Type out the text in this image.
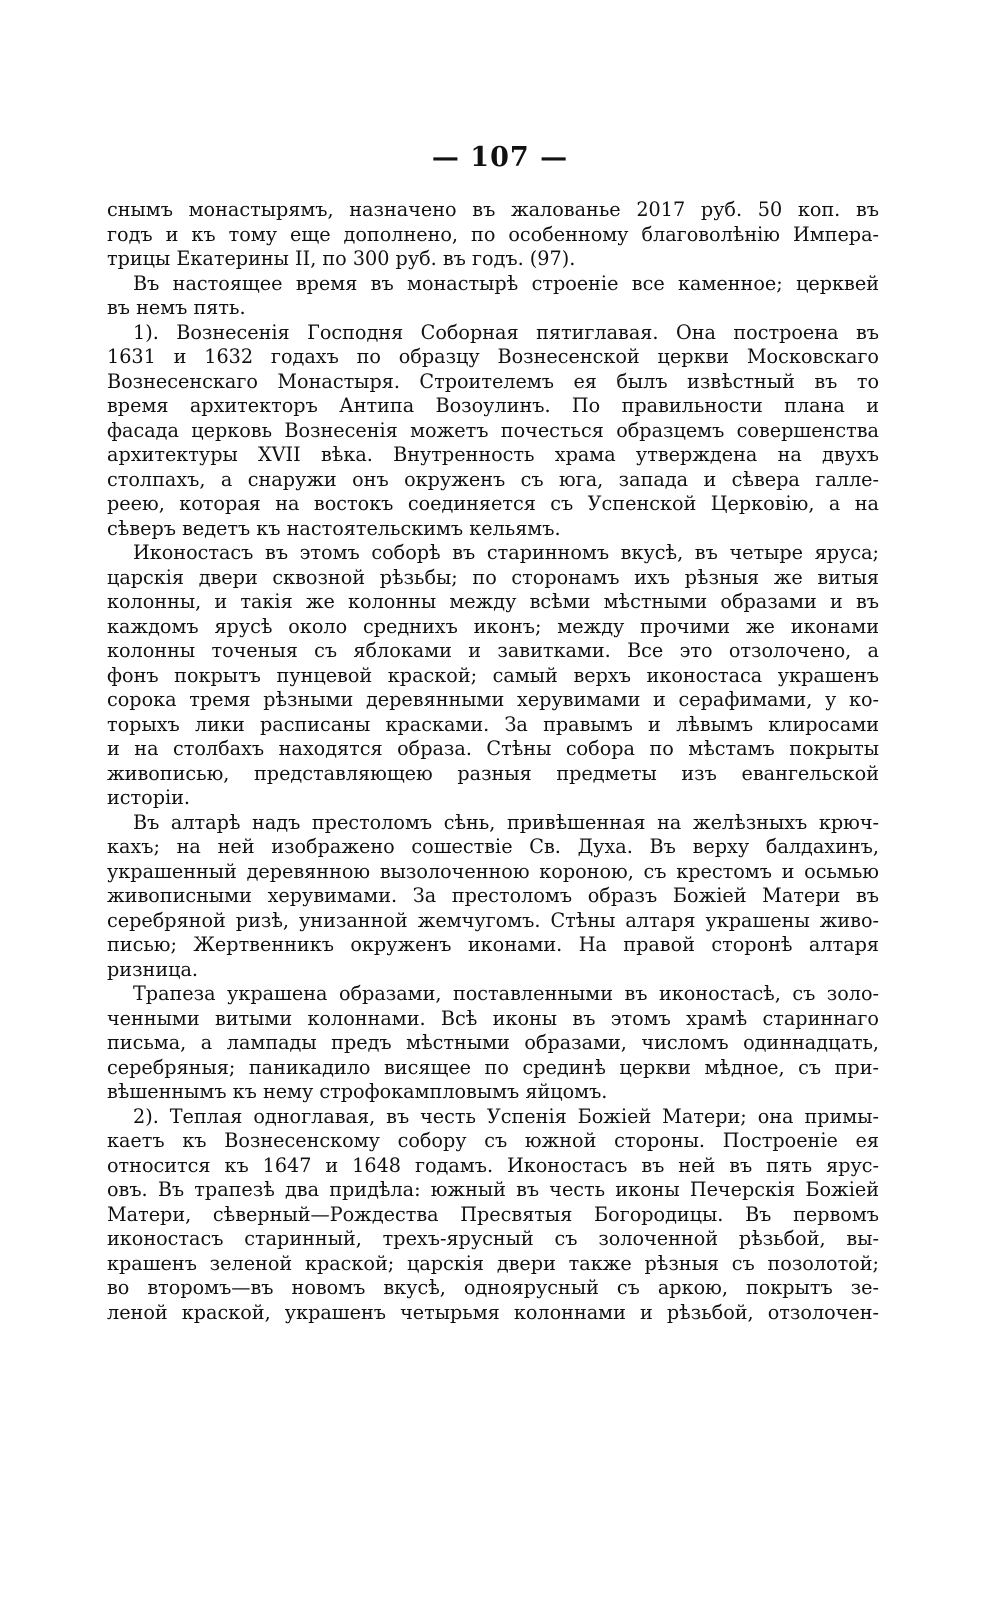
— 107 —
снымъ монастырямъ, назначено въ жалованье 2017 руб. 50 коп. въ
годъ и къ тому еще дополнено, по особенному благоволѣнію Импера-
трицы Екатерины II, по 300 руб. въ годъ. (97).
Въ настоящее время въ монастырѣ строеніе все каменное; церквей
въ немъ пять.
1). Вознесенія Господня Соборная пятиглавая. Она построена въ
1631 и 1632 годахъ по образцу Вознесенской церкви Московскаго
Вознесенскаго Монастыря. Строителемъ ея былъ извѣстный въ то
время архитекторъ Антипа Возоулинъ. По правильности плана и
фасада церковь Вознесенія можетъ почесться образцемъ совершенства
архитектуры XVII вѣка. Внутренность храма утверждена на двухъ
столпахъ, а снаружи онъ окруженъ съ юга, запада и сѣвера галле-
реею, которая на востокъ соединяется съ Успенской Церковію, а на
сѣверъ ведетъ къ настоятельскимъ кельямъ.
Иконостасъ въ этомъ соборѣ въ старинномъ вкусѣ, въ четыре яруса;
царскія двери сквозной рѣзьбы; по сторонамъ ихъ рѣзныя же витыя
колонны, и такія же колонны между всѣми мѣстными образами и въ
каждомъ ярусѣ около среднихъ иконъ; между прочими же иконами
колонны точеныя съ яблоками и завитками. Все это отзолочено, а
фонъ покрытъ пунцевой краской; самый верхъ иконостаса украшенъ
сорока тремя рѣзными деревянными херувимами и серафимами, у ко-
торыхъ лики расписаны красками. За правымъ и лѣвымъ клиросами
и на столбахъ находятся образа. Стѣны собора по мѣстамъ покрыты
живописью, представляющею разныя предметы изъ евангельской
исторіи.
Въ алтарѣ надъ престоломъ сѣнь, привѣшенная на желѣзныхъ крюч-
кахъ; на ней изображено сошествіе Св. Духа. Въ верху балдахинъ,
украшенный деревянною вызолоченною короною, съ крестомъ и осьмью
живописными херувимами. За престоломъ образъ Божіей Матери въ
серебряной ризѣ, унизанной жемчугомъ. Стѣны алтаря украшены живо-
писью; Жертвенникъ окруженъ иконами. На правой сторонѣ алтаря
ризница.
Трапеза украшена образами, поставленными въ иконостасѣ, съ золо-
ченными витыми колоннами. Всѣ иконы въ этомъ храмѣ стариннаго
письма, а лампады предъ мѣстными образами, числомъ одиннадцать,
серебряныя; паникадило висящее по срединѣ церкви мѣдное, съ при-
вѣшеннымъ къ нему строфокампловымъ яйцомъ.
2). Теплая одноглавая, въ честь Успенія Божіей Матери; она примы-
каетъ къ Вознесенскому собору съ южной стороны. Построеніе ея
относится къ 1647 и 1648 годамъ. Иконостасъ въ ней въ пять ярус-
овъ. Въ трапезѣ два придѣла: южный въ честь иконы Печерскія Божіей
Матери, сѣверный—Рождества Пресвятыя Богородицы. Въ первомъ
иконостасъ старинный, трехъ-ярусный съ золоченной рѣзьбой, вы-
крашенъ зеленой краской; царскія двери также рѣзныя съ позолотой;
во второмъ—въ новомъ вкусѣ, одноярусный съ аркою, покрытъ зе-
леной краской, украшенъ четырьмя колоннами и рѣзьбой, отзолочен-
